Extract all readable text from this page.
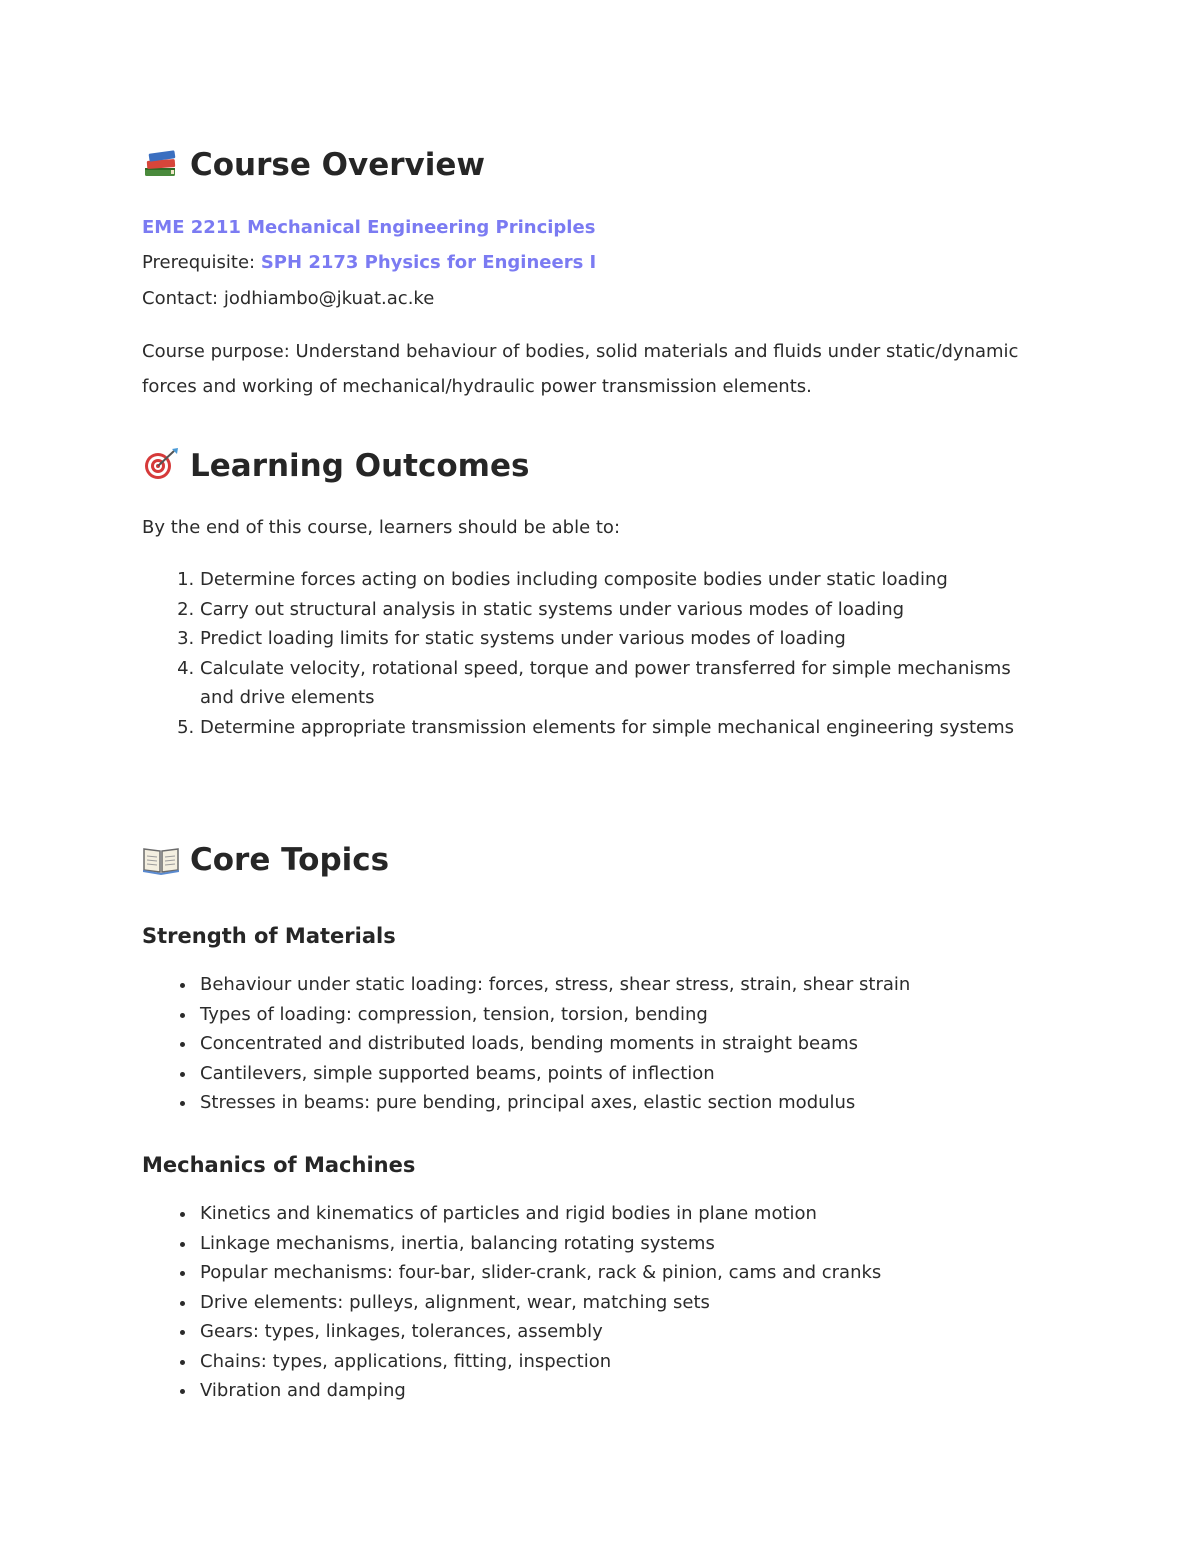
Course Overview

EME 2211 Mechanical Engineering Principles

Prerequisite: SPH 2173 Physics for Engineers I

Contact: jodhiambo@jkuat.ac.ke

Course purpose: Understand behaviour of bodies, solid materials and fluids under static/dynamic forces and working of mechanical/hydraulic power transmission elements.

Learning Outcomes

By the end of this course, learners should be able to:

1. Determine forces acting on bodies including composite bodies under static loading
2. Carry out structural analysis in static systems under various modes of loading
3. Predict loading limits for static systems under various modes of loading
4. Calculate velocity, rotational speed, torque and power transferred for simple mechanisms and drive elements
5. Determine appropriate transmission elements for simple mechanical engineering systems
Core Topics
Strength of Materials
Behaviour under static loading: forces, stress, shear stress, strain, shear strain
Types of loading: compression, tension, torsion, bending
Concentrated and distributed loads, bending moments in straight beams
Cantilevers, simple supported beams, points of inflection
Stresses in beams: pure bending, principal axes, elastic section modulus
Mechanics of Machines
Kinetics and kinematics of particles and rigid bodies in plane motion
Linkage mechanisms, inertia, balancing rotating systems
Popular mechanisms: four-bar, slider-crank, rack & pinion, cams and cranks
Drive elements: pulleys, alignment, wear, matching sets
Gears: types, linkages, tolerances, assembly
Chains: types, applications, fitting, inspection
Vibration and damping
